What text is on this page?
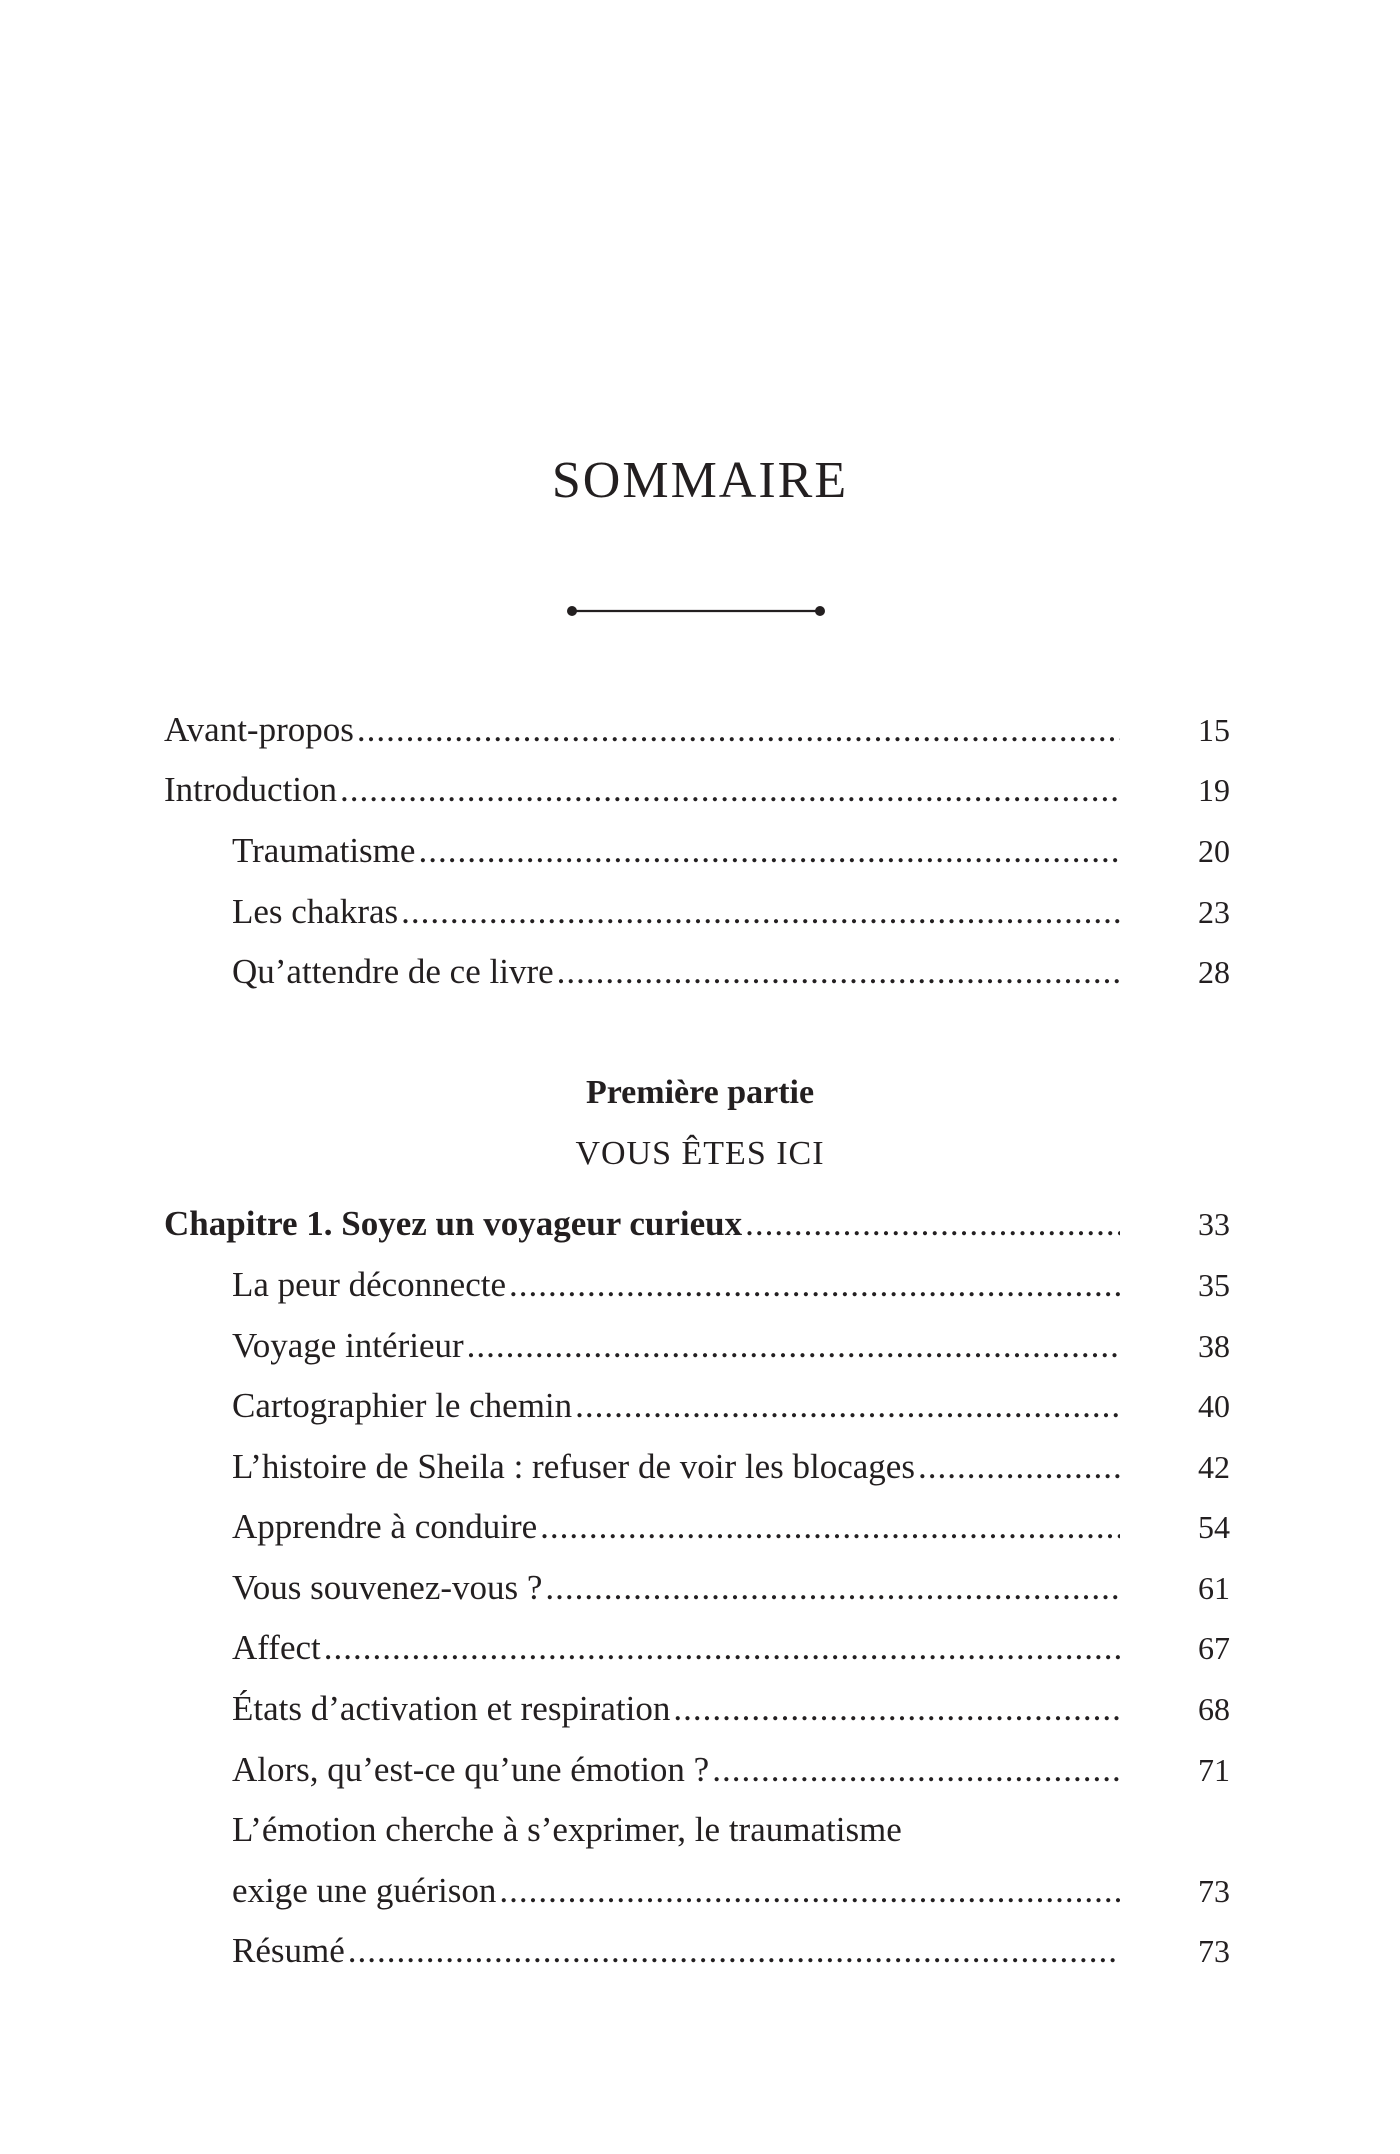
SOMMAIRE
Avant-propos .....	15
Introduction .....	19
Traumatisme .....	20
Les chakras .....	23
Qu’attendre de ce livre .....	28
Première partie
VOUS ÊTES ICI
Chapitre 1. Soyez un voyageur curieux .....	33
La peur déconnecte .....	35
Voyage intérieur .....	38
Cartographier le chemin .....	40
L’histoire de Sheila : refuser de voir les blocages .....	42
Apprendre à conduire .....	54
Vous souvenez-vous ? .....	61
Affect .....	67
États d’activation et respiration .....	68
Alors, qu’est-ce qu’une émotion ? .....	71
L’émotion cherche à s’exprimer, le traumatisme
exige une guérison .....	73
Résumé .....	73
